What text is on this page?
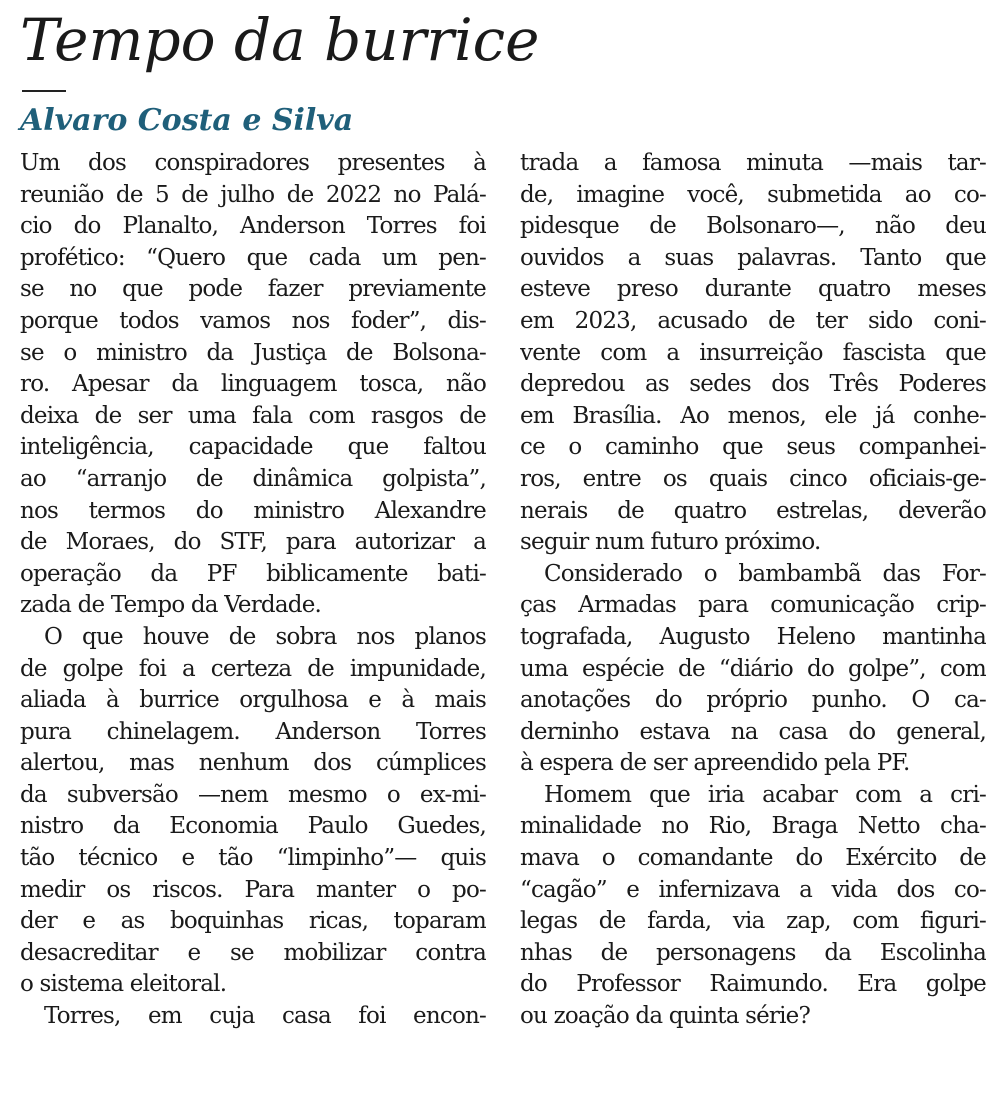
Tempo da burrice
Alvaro Costa e Silva
Um dos conspiradores presentes à
reunião de 5 de julho de 2022 no Palá-
cio do Planalto, Anderson Torres foi
profético: “Quero que cada um pen-
se no que pode fazer previamente
porque todos vamos nos foder”, dis-
se o ministro da Justiça de Bolsona-
ro. Apesar da linguagem tosca, não
deixa de ser uma fala com rasgos de
inteligência, capacidade que faltou
ao “arranjo de dinâmica golpista”,
nos termos do ministro Alexandre
de Moraes, do STF, para autorizar a
operação da PF biblicamente bati-
zada de Tempo da Verdade.
O que houve de sobra nos planos
de golpe foi a certeza de impunidade,
aliada à burrice orgulhosa e à mais
pura chinelagem. Anderson Torres
alertou, mas nenhum dos cúmplices
da subversão —nem mesmo o ex-mi-
nistro da Economia Paulo Guedes,
tão técnico e tão “limpinho”— quis
medir os riscos. Para manter o po-
der e as boquinhas ricas, toparam
desacreditar e se mobilizar contra
o sistema eleitoral.
Torres, em cuja casa foi encon-
trada a famosa minuta —mais tar-
de, imagine você, submetida ao co-
pidesque de Bolsonaro—, não deu
ouvidos a suas palavras. Tanto que
esteve preso durante quatro meses
em 2023, acusado de ter sido coni-
vente com a insurreição fascista que
depredou as sedes dos Três Poderes
em Brasília. Ao menos, ele já conhe-
ce o caminho que seus companhei-
ros, entre os quais cinco oficiais-ge-
nerais de quatro estrelas, deverão
seguir num futuro próximo.
Considerado o bambambã das For-
ças Armadas para comunicação crip-
tografada, Augusto Heleno mantinha
uma espécie de “diário do golpe”, com
anotações do próprio punho. O ca-
derninho estava na casa do general,
à espera de ser apreendido pela PF.
Homem que iria acabar com a cri-
minalidade no Rio, Braga Netto cha-
mava o comandante do Exército de
“cagão” e infernizava a vida dos co-
legas de farda, via zap, com figuri-
nhas de personagens da Escolinha
do Professor Raimundo. Era golpe
ou zoação da quinta série?
